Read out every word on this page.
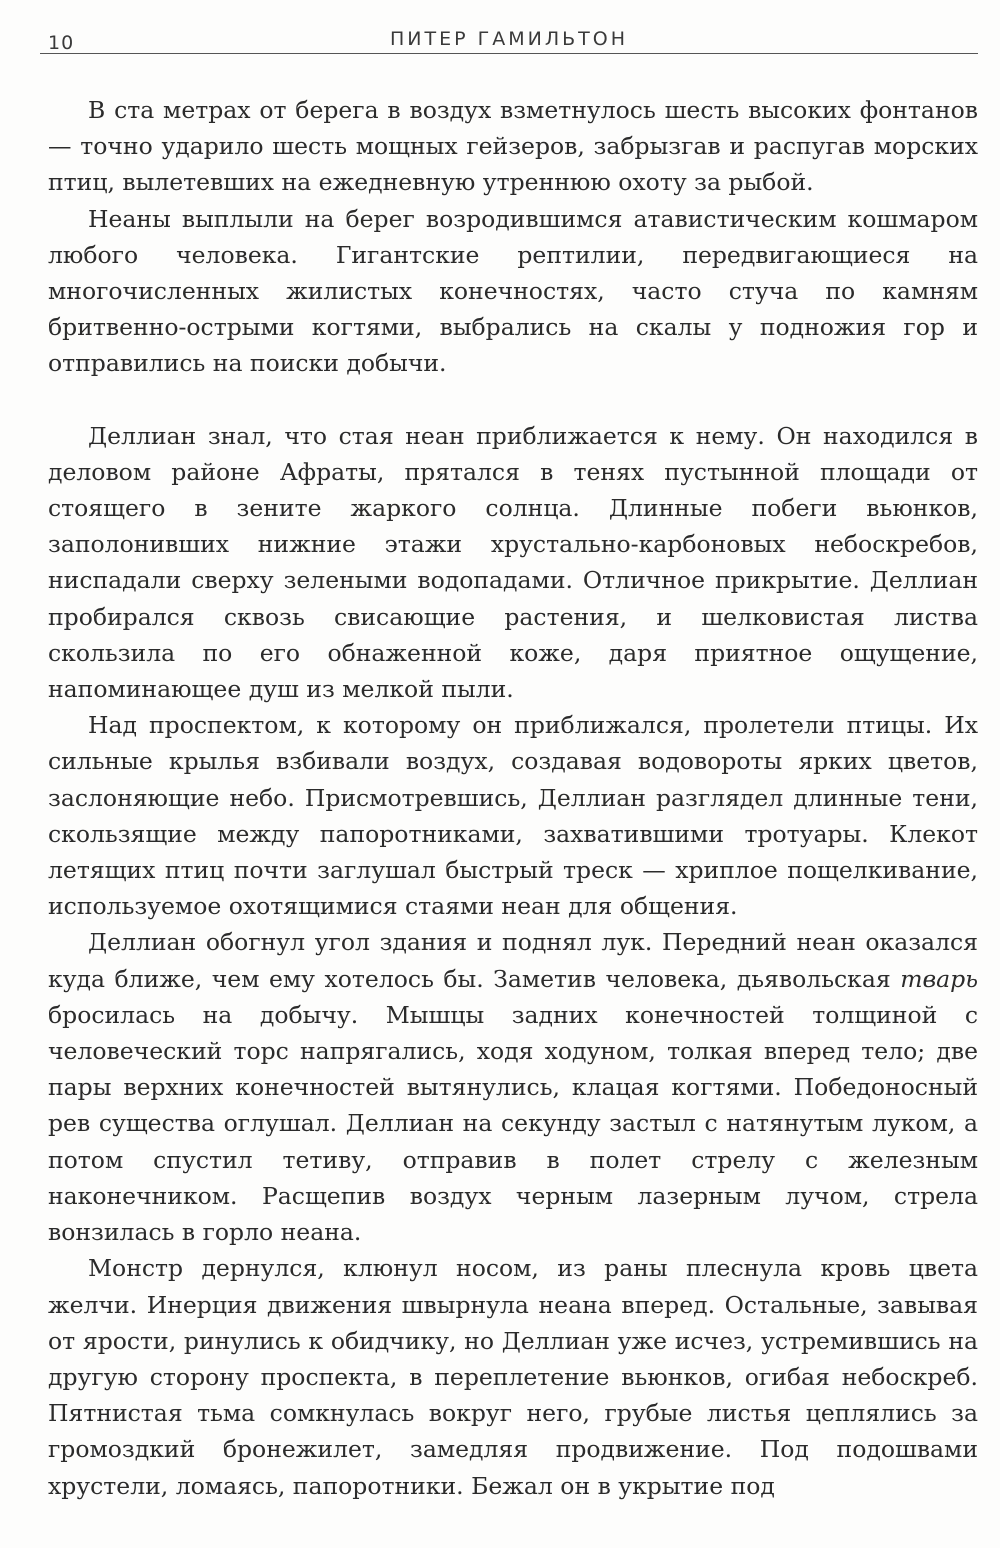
10	ПИТЕР ГАМИЛЬТОН

В ста метрах от берега в воздух взметнулось шесть высоких фонтанов — точно ударило шесть мощных гейзеров, забрызгав и распугав морских птиц, вылетевших на ежедневную утреннюю охоту за рыбой.

Неаны выплыли на берег возродившимся атавистическим кошмаром любого человека. Гигантские рептилии, передвигающиеся на многочисленных жилистых конечностях, часто стуча по камням бритвенно-острыми когтями, выбрались на скалы у подножия гор и отправились на поиски добычи.

Деллиан знал, что стая неан приближается к нему. Он находился в деловом районе Афраты, прятался в тенях пустынной площади от стоящего в зените жаркого солнца. Длинные побеги вьюнков, заполонивших нижние этажи хрустально-карбоновых небоскребов, ниспадали сверху зелеными водопадами. Отличное прикрытие. Деллиан пробирался сквозь свисающие растения, и шелковистая листва скользила по его обнаженной коже, даря приятное ощущение, напоминающее душ из мелкой пыли.

Над проспектом, к которому он приближался, пролетели птицы. Их сильные крылья взбивали воздух, создавая водовороты ярких цветов, заслоняющие небо. Присмотревшись, Деллиан разглядел длинные тени, скользящие между папоротниками, захватившими тротуары. Клекот летящих птиц почти заглушал быстрый треск — хриплое пощелкивание, используемое охотящимися стаями неан для общения.

Деллиан обогнул угол здания и поднял лук. Передний неан оказался куда ближе, чем ему хотелось бы. Заметив человека, дьявольская тварь бросилась на добычу. Мышцы задних конечностей толщиной с человеческий торс напрягались, ходя ходуном, толкая вперед тело; две пары верхних конечностей вытянулись, клацая когтями. Победоносный рев существа оглушал. Деллиан на секунду застыл с натянутым луком, а потом спустил тетиву, отправив в полет стрелу с железным наконечником. Расщепив воздух черным лазерным лучом, стрела вонзилась в горло неана.

Монстр дернулся, клюнул носом, из раны плеснула кровь цвета желчи. Инерция движения швырнула неана вперед. Остальные, завывая от ярости, ринулись к обидчику, но Деллиан уже исчез, устремившись на другую сторону проспекта, в переплетение вьюнков, огибая небоскреб. Пятнистая тьма сомкнулась вокруг него, грубые листья цеплялись за громоздкий бронежилет, замедляя продвижение. Под подошвами хрустели, ломаясь, папоротники. Бежал он в укрытие под
